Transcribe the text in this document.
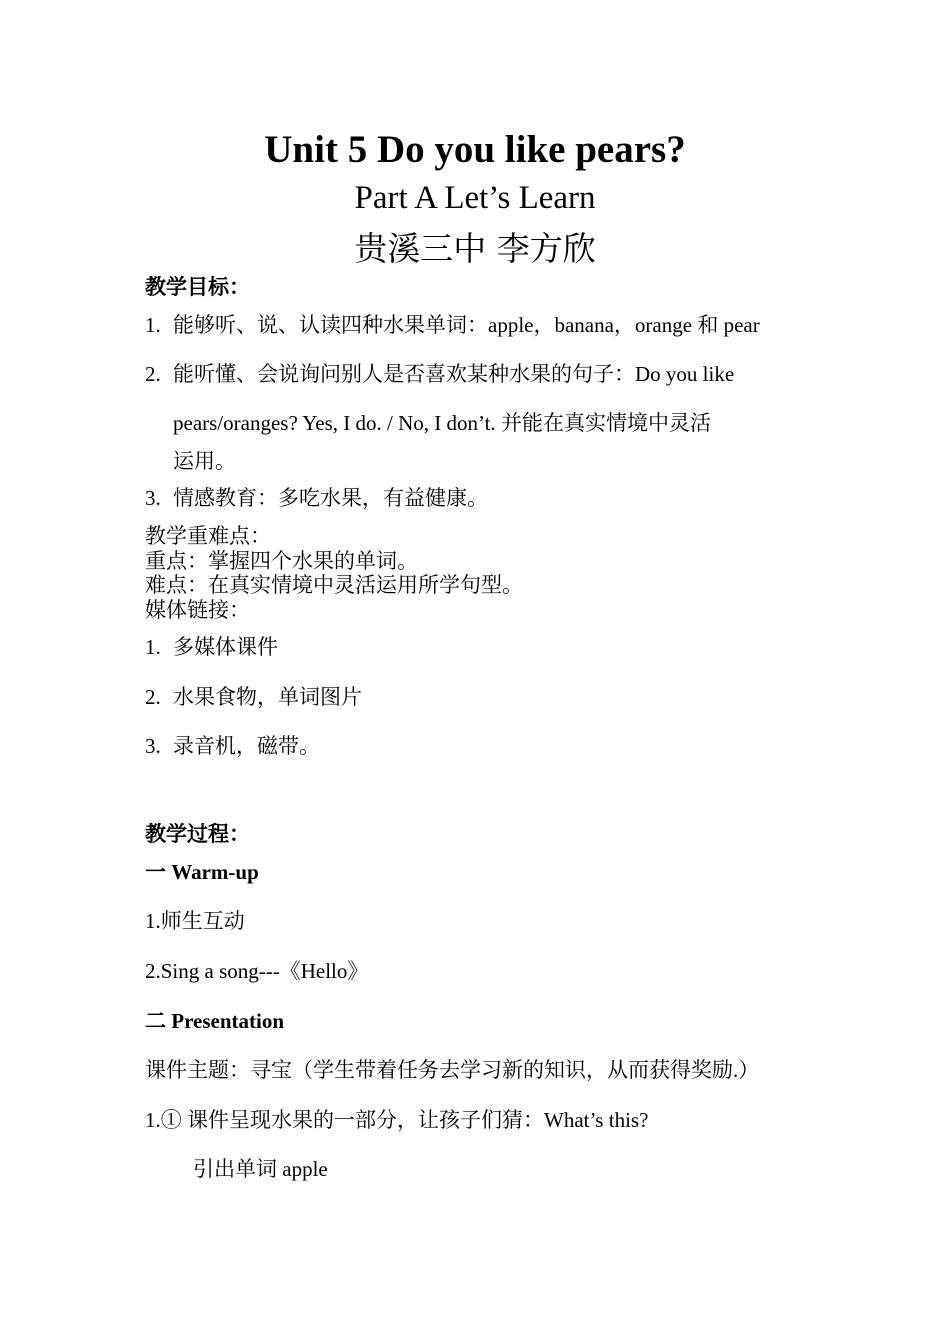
Unit 5 Do you like pears?
Part A Let’s Learn
贵溪三中 李方欣
教学目标：
1. 能够听、说、认读四种水果单词：apple，banana，orange 和 pear
2. 能听懂、会说询问别人是否喜欢某种水果的句子：Do you like
pears/oranges? Yes, I do. / No, I don’t. 并能在真实情境中灵活
运用。
3. 情感教育：多吃水果，有益健康。
教学重难点：
重点：掌握四个水果的单词。
难点：在真实情境中灵活运用所学句型。
媒体链接：
1. 多媒体课件
2. 水果食物，单词图片
3. 录音机，磁带。
教学过程：
一 Warm-up
1.师生互动
2.Sing a song---《Hello》
二 Presentation
课件主题：寻宝（学生带着任务去学习新的知识，从而获得奖励.）
1.① 课件呈现水果的一部分，让孩子们猜：What’s this?
引出单词 apple
